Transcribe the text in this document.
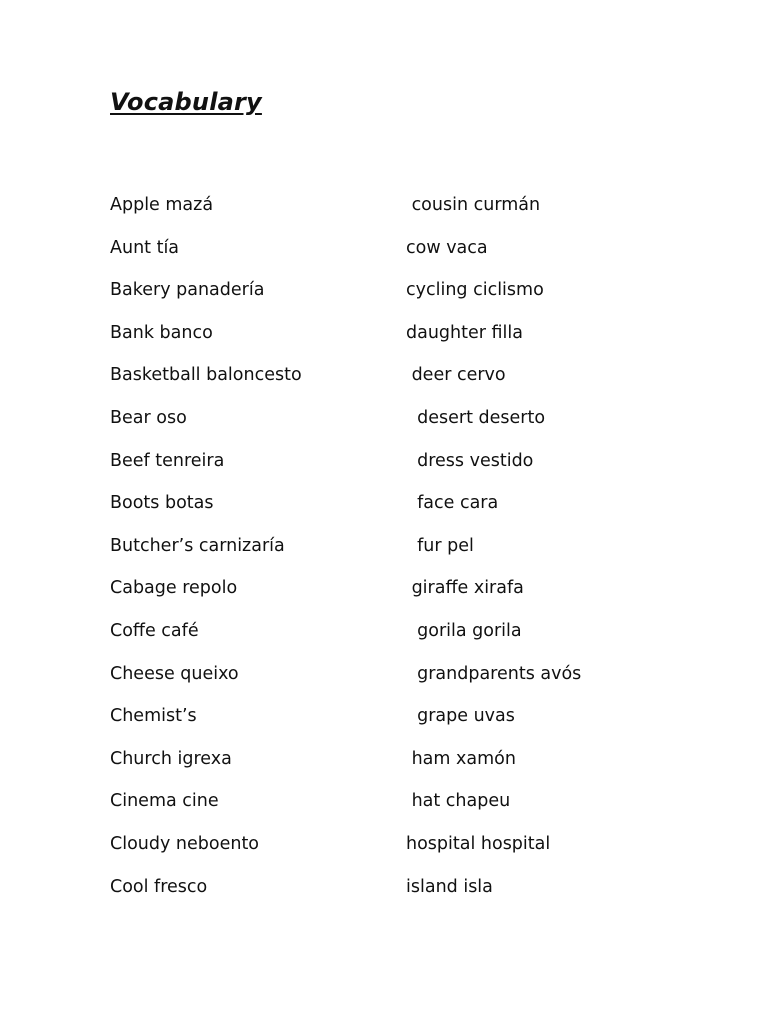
Vocabulary
Apple mazá	cousin curmán
Aunt tía	cow vaca
Bakery panadería	cycling ciclismo
Bank banco	daughter filla
Basketball baloncesto	deer cervo
Bear oso	desert deserto
Beef tenreira	dress vestido
Boots botas	face cara
Butcher’s carnizaría	fur pel
Cabage repolo	giraffe xirafa
Coffe café	gorila gorila
Cheese queixo	grandparents avós
Chemist’s	grape uvas
Church igrexa	ham xamón
Cinema cine	hat chapeu
Cloudy neboento	hospital hospital
Cool fresco	island isla
